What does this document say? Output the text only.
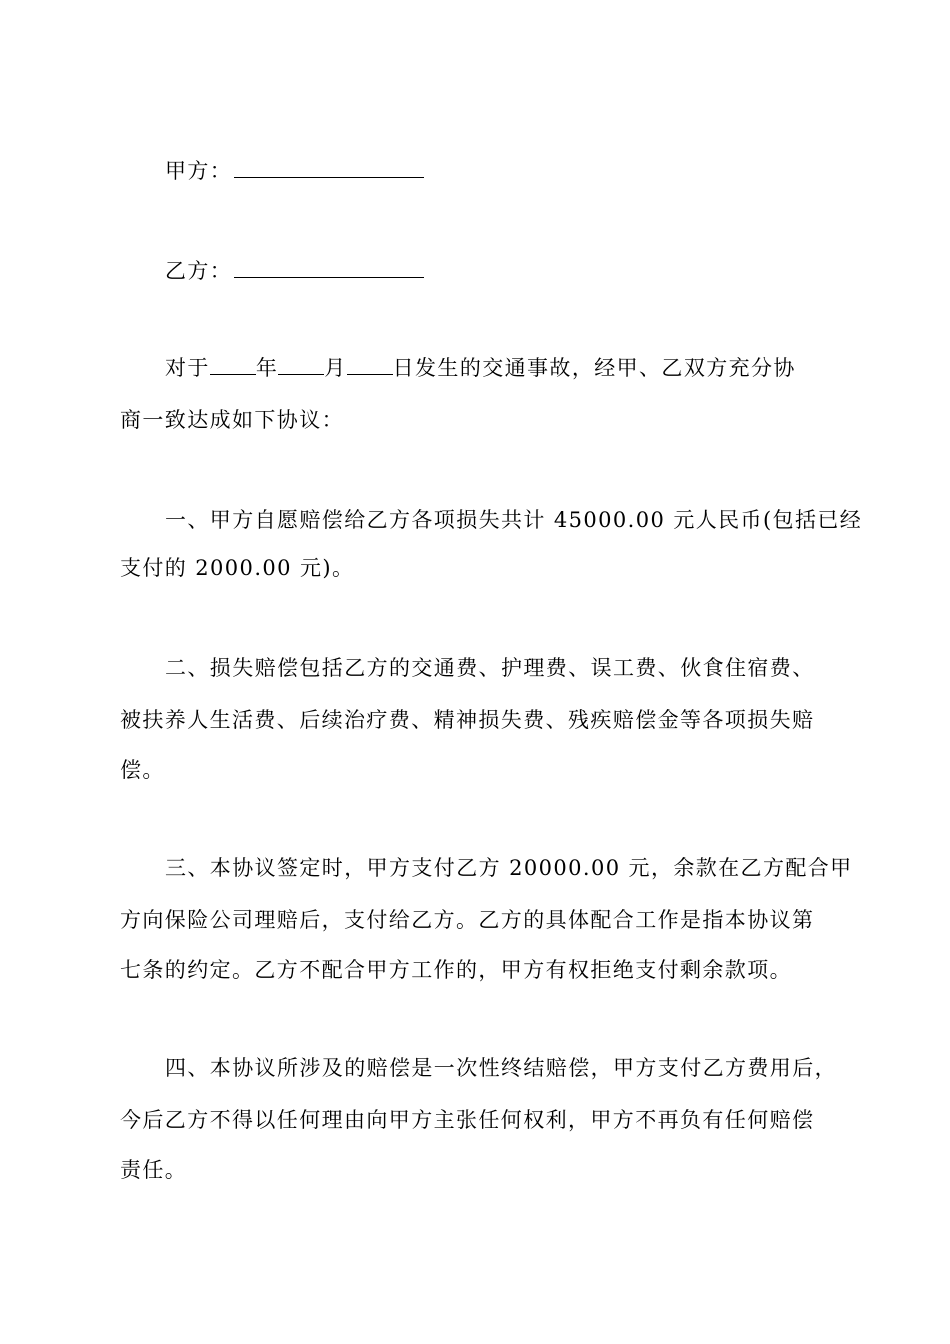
甲方：
乙方：
对于 年 月 日发生的交通事故，经甲、乙双方充分协
商一致达成如下协议：
一、甲方自愿赔偿给乙方各项损失共计 45000.00 元人民币(包括已经
支付的 2000.00 元)。
二、损失赔偿包括乙方的交通费、护理费、误工费、伙食住宿费、
被扶养人生活费、后续治疗费、精神损失费、残疾赔偿金等各项损失赔
偿。
三、本协议签定时，甲方支付乙方 20000.00 元，余款在乙方配合甲
方向保险公司理赔后，支付给乙方。乙方的具体配合工作是指本协议第
七条的约定。乙方不配合甲方工作的，甲方有权拒绝支付剩余款项。
四、本协议所涉及的赔偿是一次性终结赔偿，甲方支付乙方费用后，
今后乙方不得以任何理由向甲方主张任何权利，甲方不再负有任何赔偿
责任。
